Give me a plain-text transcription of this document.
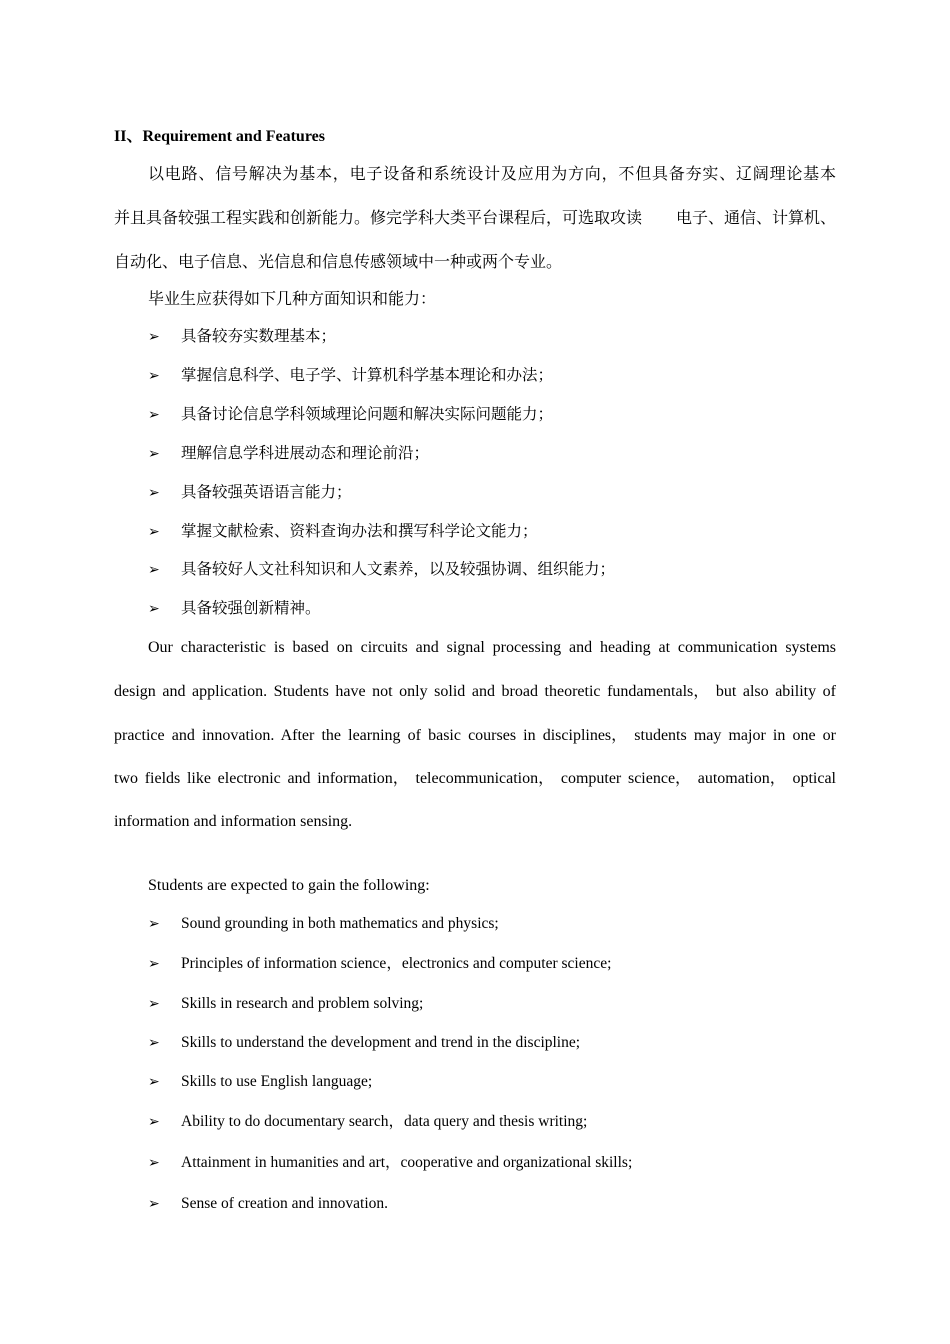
II、Requirement and Features
以电路、信号解决为基本，电子设备和系统设计及应用为方向，不但具备夯实、辽阔理论基本
并且具备较强工程实践和创新能力。修完学科大类平台课程后，可选取攻读 电子、通信、计算机、
自动化、电子信息、光信息和信息传感领域中一种或两个专业。
毕业生应获得如下几种方面知识和能力：
➢	具备较夯实数理基本；
➢	掌握信息科学、电子学、计算机科学基本理论和办法；
➢	具备讨论信息学科领域理论问题和解决实际问题能力；
➢	理解信息学科进展动态和理论前沿；
➢	具备较强英语语言能力；
➢	掌握文献检索、资料查询办法和撰写科学论文能力；
➢	具备较好人文社科知识和人文素养，以及较强协调、组织能力；
➢	具备较强创新精神。
Our characteristic is based on circuits and signal processing and heading at communication systems
design and application. Students have not only solid and broad theoretic fundamentals， but also ability of
practice and innovation. After the learning of basic courses in disciplines， students may major in one or
two fields like electronic and information， telecommunication， computer science， automation， optical
information and information sensing.
Students are expected to gain the following:
➢	Sound grounding in both mathematics and physics;
➢	Principles of information science，electronics and computer science;
➢	Skills in research and problem solving;
➢	Skills to understand the development and trend in the discipline;
➢	Skills to use English language;
➢	Ability to do documentary search，data query and thesis writing;
➢	Attainment in humanities and art，cooperative and organizational skills;
➢	Sense of creation and innovation.
